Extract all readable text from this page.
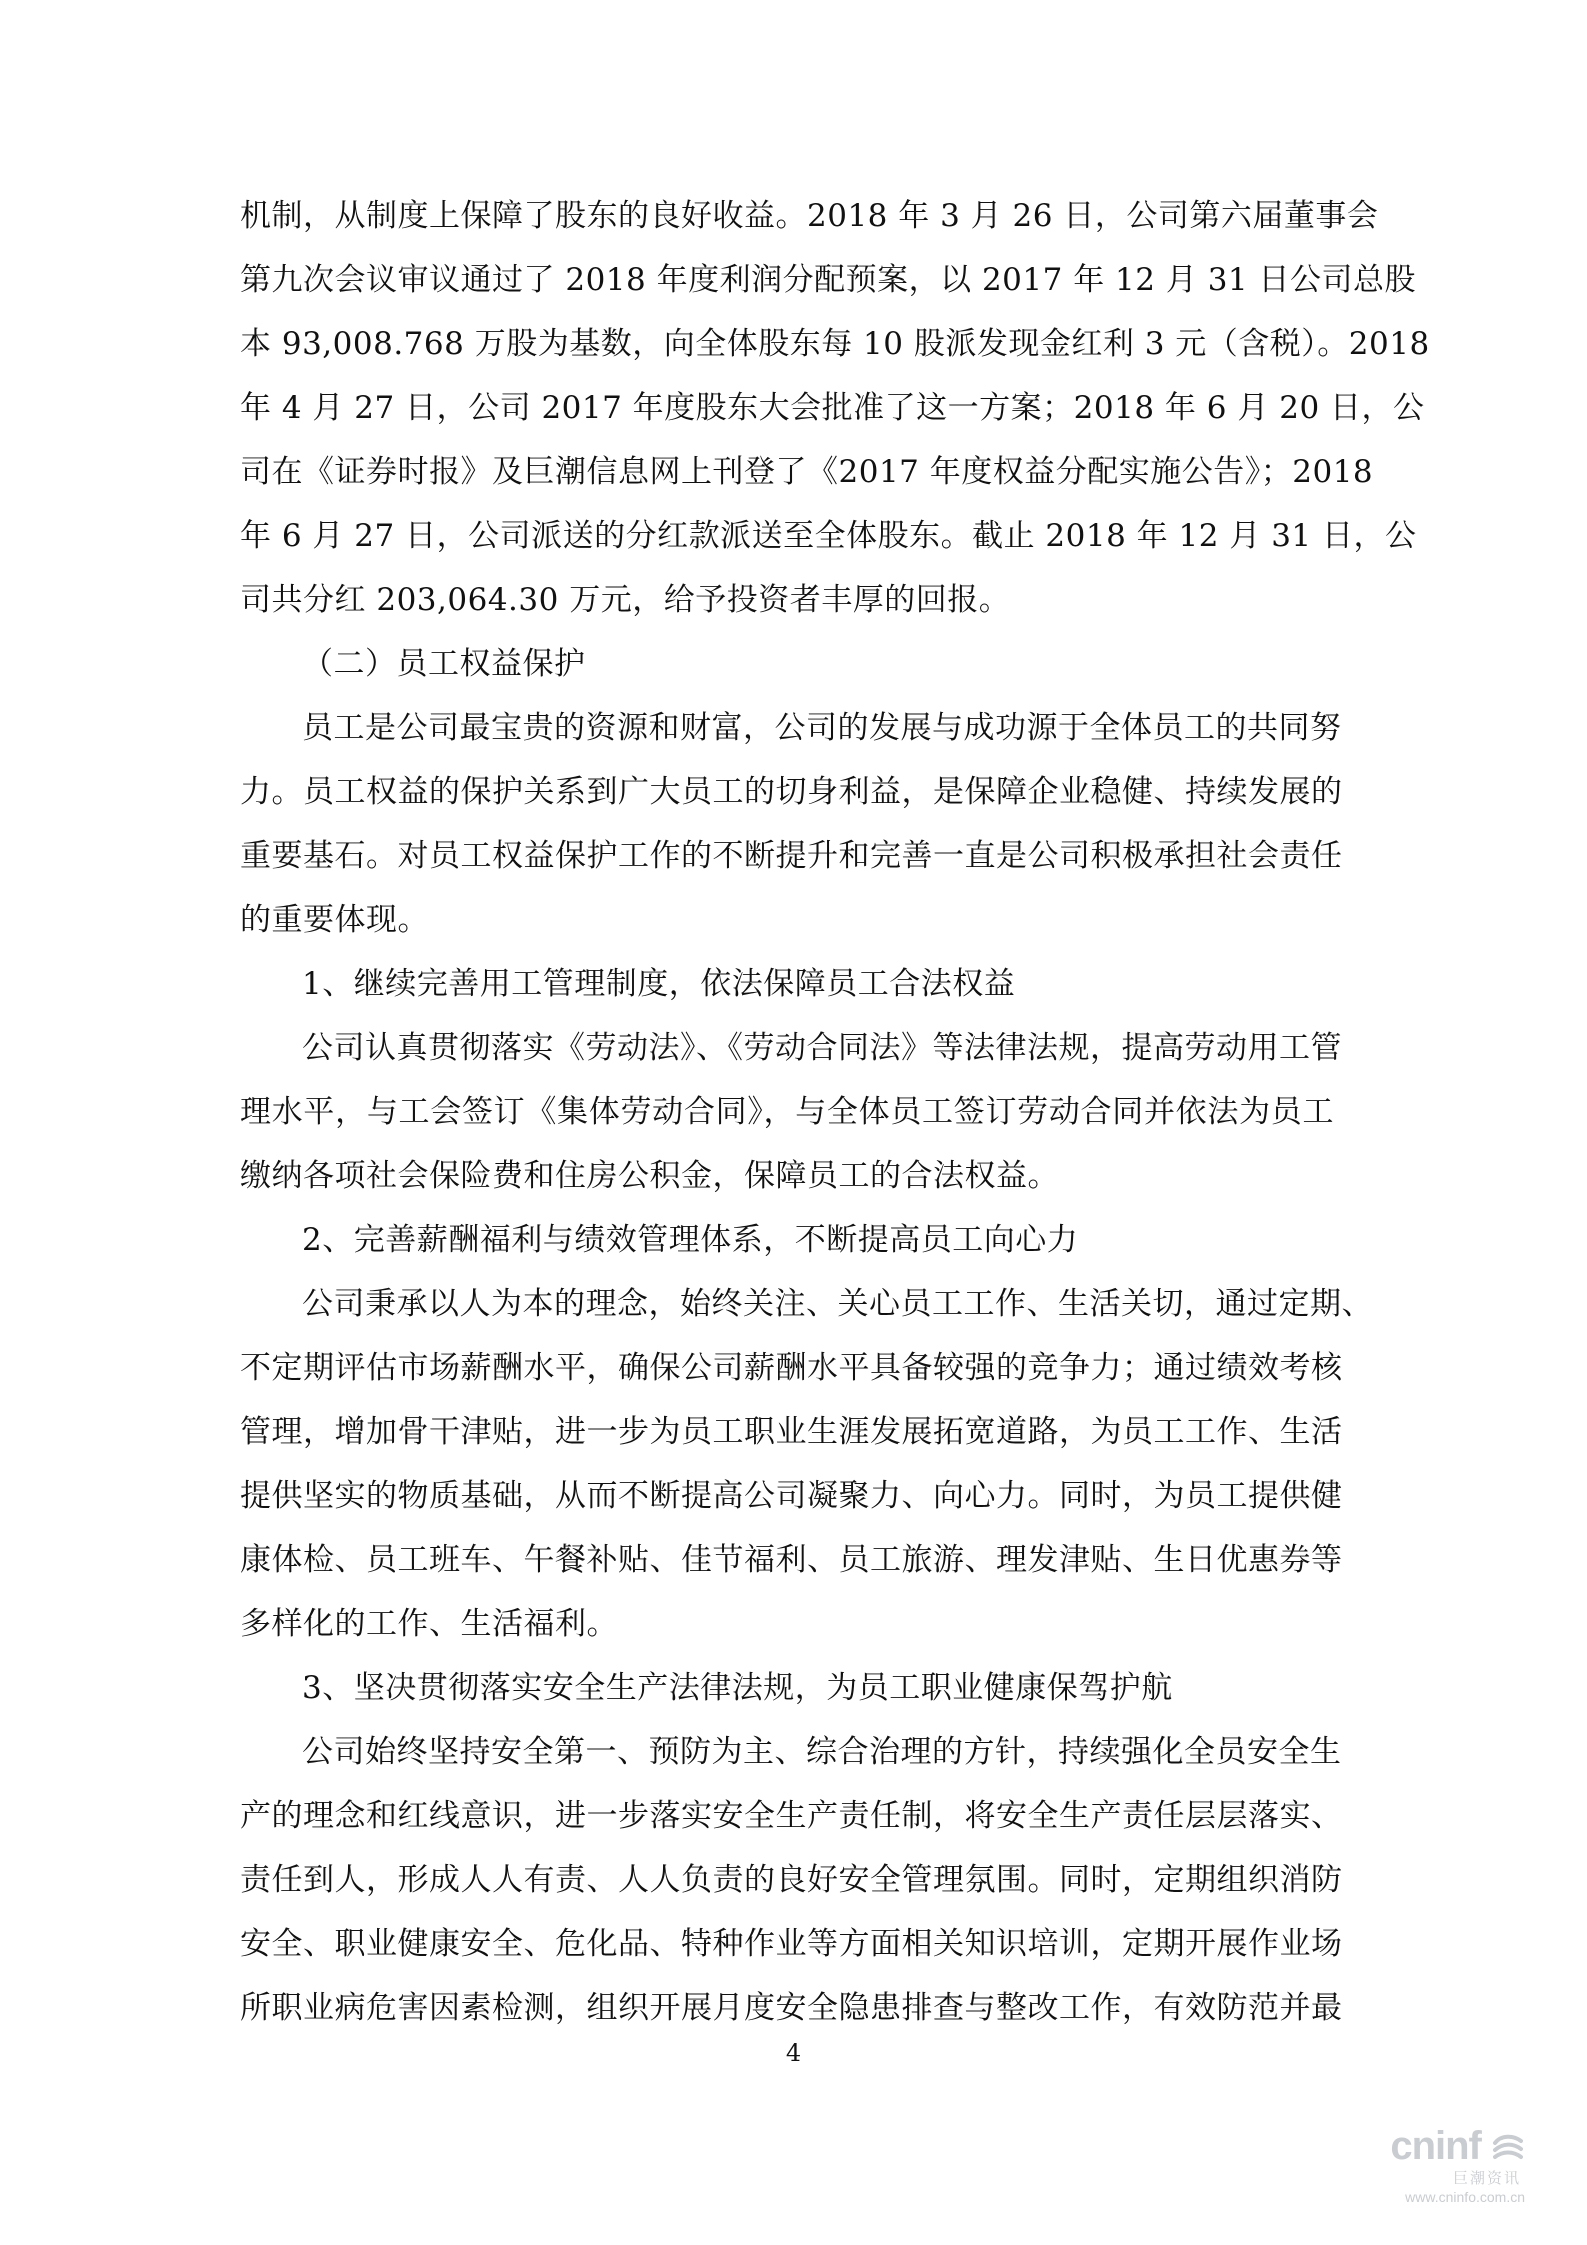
机制，从制度上保障了股东的良好收益。2018 年 3 月 26 日，公司第六届董事会
第九次会议审议通过了 2018 年度利润分配预案，以 2017 年 12 月 31 日公司总股
本 93,008.768 万股为基数，向全体股东每 10 股派发现金红利 3 元（含税）。2018
年 4 月 27 日，公司 2017 年度股东大会批准了这一方案；2018 年 6 月 20 日，公
司在《证券时报》及巨潮信息网上刊登了《2017 年度权益分配实施公告》；2018
年 6 月 27 日，公司派送的分红款派送至全体股东。截止 2018 年 12 月 31 日，公
司共分红 203,064.30 万元，给予投资者丰厚的回报。
（二）员工权益保护
员工是公司最宝贵的资源和财富，公司的发展与成功源于全体员工的共同努
力。员工权益的保护关系到广大员工的切身利益，是保障企业稳健、持续发展的
重要基石。对员工权益保护工作的不断提升和完善一直是公司积极承担社会责任
的重要体现。
1、继续完善用工管理制度，依法保障员工合法权益
公司认真贯彻落实《劳动法》、《劳动合同法》等法律法规，提高劳动用工管
理水平，与工会签订《集体劳动合同》，与全体员工签订劳动合同并依法为员工
缴纳各项社会保险费和住房公积金，保障员工的合法权益。
2、完善薪酬福利与绩效管理体系，不断提高员工向心力
公司秉承以人为本的理念，始终关注、关心员工工作、生活关切，通过定期、
不定期评估市场薪酬水平，确保公司薪酬水平具备较强的竞争力；通过绩效考核
管理，增加骨干津贴，进一步为员工职业生涯发展拓宽道路，为员工工作、生活
提供坚实的物质基础，从而不断提高公司凝聚力、向心力。同时，为员工提供健
康体检、员工班车、午餐补贴、佳节福利、员工旅游、理发津贴、生日优惠券等
多样化的工作、生活福利。
3、坚决贯彻落实安全生产法律法规，为员工职业健康保驾护航
公司始终坚持安全第一、预防为主、综合治理的方针，持续强化全员安全生
产的理念和红线意识，进一步落实安全生产责任制，将安全生产责任层层落实、
责任到人，形成人人有责、人人负责的良好安全管理氛围。同时，定期组织消防
安全、职业健康安全、危化品、特种作业等方面相关知识培训，定期开展作业场
所职业病危害因素检测，组织开展月度安全隐患排查与整改工作，有效防范并最
4
cninf
巨潮资讯
www.cninfo.com.cn
